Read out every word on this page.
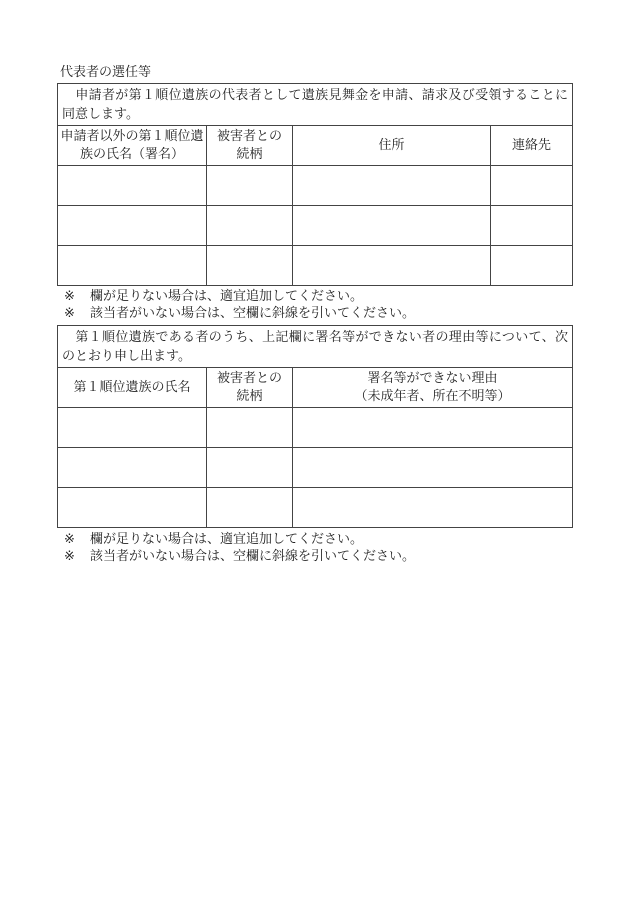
代表者の選任等
　申請者が第１順位遺族の代表者として遺族見舞金を申請、請求及び受領することに同意します。			
申請者以外の第１順位遺族の氏名（署名）	被害者との続柄	住所	連絡先

※	欄が足りない場合は、適宜追加してください。
※	該当者がいない場合は、空欄に斜線を引いてください。
　第１順位遺族である者のうち、上記欄に署名等ができない者の理由等について、次のとおり申し出ます。		
第１順位遺族の氏名	被害者との続柄	署名等ができない理由
（未成年者、所在不明等）

※	欄が足りない場合は、適宜追加してください。
※	該当者がいない場合は、空欄に斜線を引いてください。
